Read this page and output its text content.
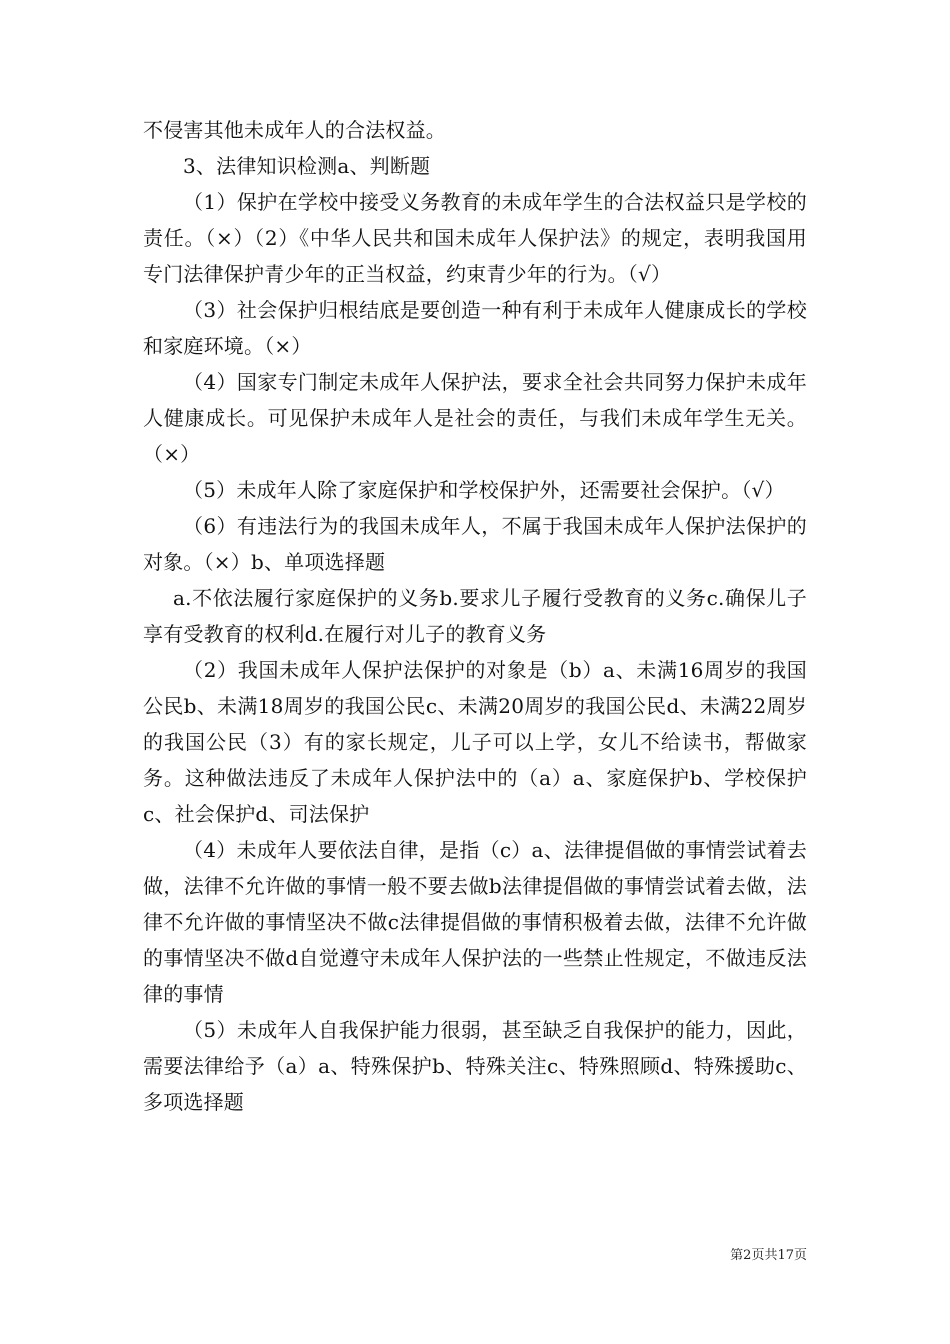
不侵害其他未成年人的合法权益。

3、法律知识检测a、判断题

（1）保护在学校中接受义务教育的未成年学生的合法权益只是学校的责任。（×）（2）《中华人民共和国未成年人保护法》的规定，表明我国用专门法律保护青少年的正当权益，约束青少年的行为。（√）

（3）社会保护归根结底是要创造一种有利于未成年人健康成长的学校和家庭环境。（×）

（4）国家专门制定未成年人保护法，要求全社会共同努力保护未成年人健康成长。可见保护未成年人是社会的责任，与我们未成年学生无关。（×）

（5）未成年人除了家庭保护和学校保护外，还需要社会保护。（√）

（6）有违法行为的我国未成年人，不属于我国未成年人保护法保护的对象。（×）b、单项选择题

a.不依法履行家庭保护的义务b.要求儿子履行受教育的义务c.确保儿子享有受教育的权利d.在履行对儿子的教育义务

（2）我国未成年人保护法保护的对象是（b）a、未满16周岁的我国公民b、未满18周岁的我国公民c、未满20周岁的我国公民d、未满22周岁的我国公民（3）有的家长规定，儿子可以上学，女儿不给读书，帮做家务。这种做法违反了未成年人保护法中的（a）a、家庭保护b、学校保护c、社会保护d、司法保护

（4）未成年人要依法自律，是指（c）a、法律提倡做的事情尝试着去做，法律不允许做的事情一般不要去做b法律提倡做的事情尝试着去做，法律不允许做的事情坚决不做c法律提倡做的事情积极着去做，法律不允许做的事情坚决不做d自觉遵守未成年人保护法的一些禁止性规定，不做违反法律的事情

（5）未成年人自我保护能力很弱，甚至缺乏自我保护的能力，因此，需要法律给予（a）a、特殊保护b、特殊关注c、特殊照顾d、特殊援助c、多项选择题

第2页共17页
